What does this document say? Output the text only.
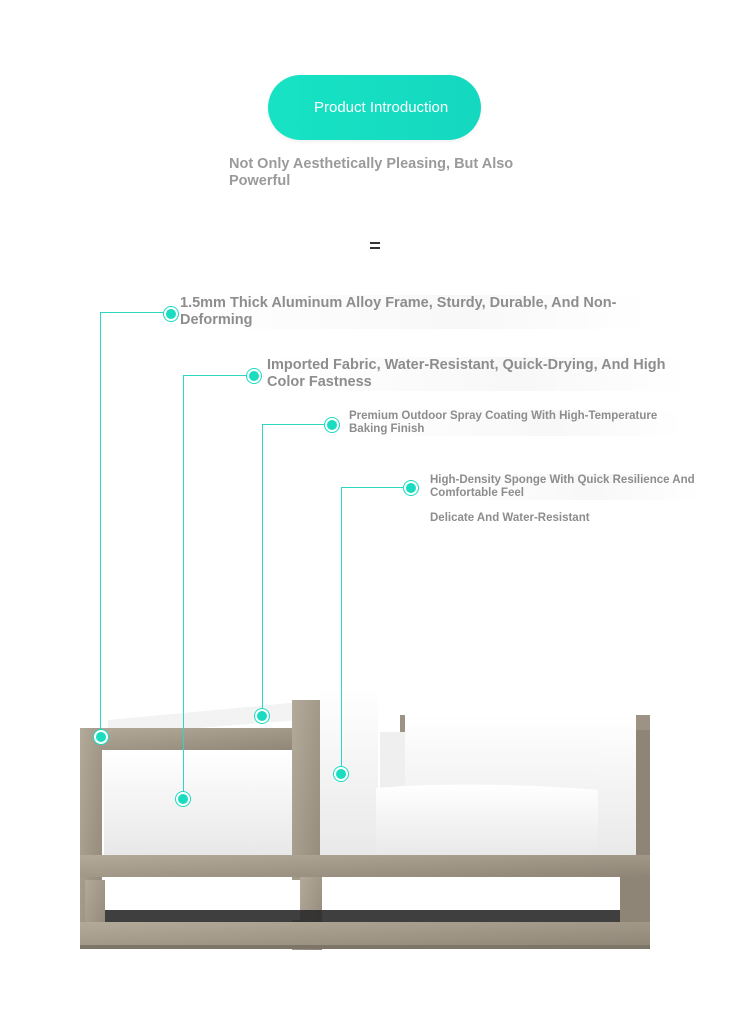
Product Introduction
Not Only Aesthetically Pleasing, But Also Powerful
1.5mm Thick Aluminum Alloy Frame, Sturdy, Durable, And Non-Deforming
Imported Fabric, Water-Resistant, Quick-Drying, And High Color Fastness
Premium Outdoor Spray Coating With High-Temperature Baking Finish
High-Density Sponge With Quick Resilience And Comfortable Feel
Delicate And Water-Resistant
